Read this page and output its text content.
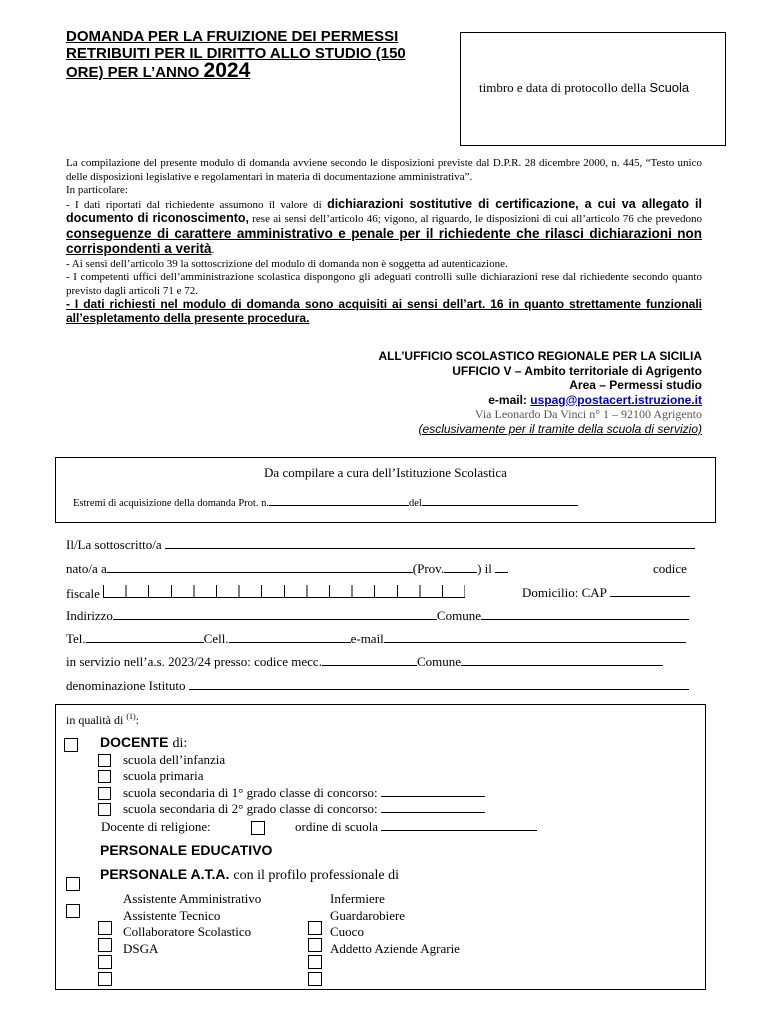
DOMANDA PER LA FRUIZIONE DEI PERMESSI
RETRIBUITI PER IL DIRITTO ALLO STUDIO (150
ORE) PER L’ANNO 2024
timbro e data di protocollo della Scuola

La compilazione del presente modulo di domanda avviene secondo le disposizioni previste dal D.P.R. 28 dicembre 2000, n. 445, “Testo unico delle disposizioni legislative e regolamentari in materia di documentazione amministrativa”.

In particolare:

- I dati riportati dal richiedente assumono il valore di dichiarazioni sostitutive di certificazione, a cui va allegato il documento di riconoscimento, rese ai sensi dell’articolo 46; vigono, al riguardo, le disposizioni di cui all’articolo 76 che prevedono conseguenze di carattere amministrativo e penale per il richiedente che rilasci dichiarazioni non corrispondenti a verità.

- Ai sensi dell’articolo 39 la sottoscrizione del modulo di domanda non è soggetta ad autenticazione.

- I competenti uffici dell’amministrazione scolastica dispongono gli adeguati controlli sulle dichiarazioni rese dal richiedente secondo quanto previsto dagli articoli 71 e 72.

- I dati richiesti nel modulo di domanda sono acquisiti ai sensi dell’art. 16 in quanto strettamente funzionali all’espletamento della presente procedura.

ALL’UFFICIO SCOLASTICO REGIONALE PER LA SICILIA
UFFICIO V – Ambito territoriale di Agrigento
Area – Permessi studio
e-mail: uspag@postacert.istruzione.it
Via Leonardo Da Vinci n° 1 – 92100 Agrigento
(esclusivamente per il tramite della scuola di servizio)
Da compilare a cura dell’Istituzione Scolastica
Estremi di acquisizione della domanda Prot. n.	del
Il/La sottoscritto/a
nato/a a	(Prov.	) il	codice
fiscale	Domicilio: CAP
Indirizzo	Comune
Tel.	Cell.	e-mail
in servizio nell’a.s. 2023/24 presso: codice mecc.	Comune
denominazione Istituto
in qualità di $^{(1)}$:
DOCENTE di:
scuola dell’infanzia
scuola primaria
scuola secondaria di 1° grado classe di concorso:
scuola secondaria di 2° grado classe di concorso:
Docente di religione:	ordine di scuola
PERSONALE EDUCATIVO
PERSONALE A.T.A. con il profilo professionale di
Assistente Amministrativo
Assistente Tecnico
Collaboratore Scolastico
DSGA
Infermiere
Guardarobiere
Cuoco
Addetto Aziende Agrarie
